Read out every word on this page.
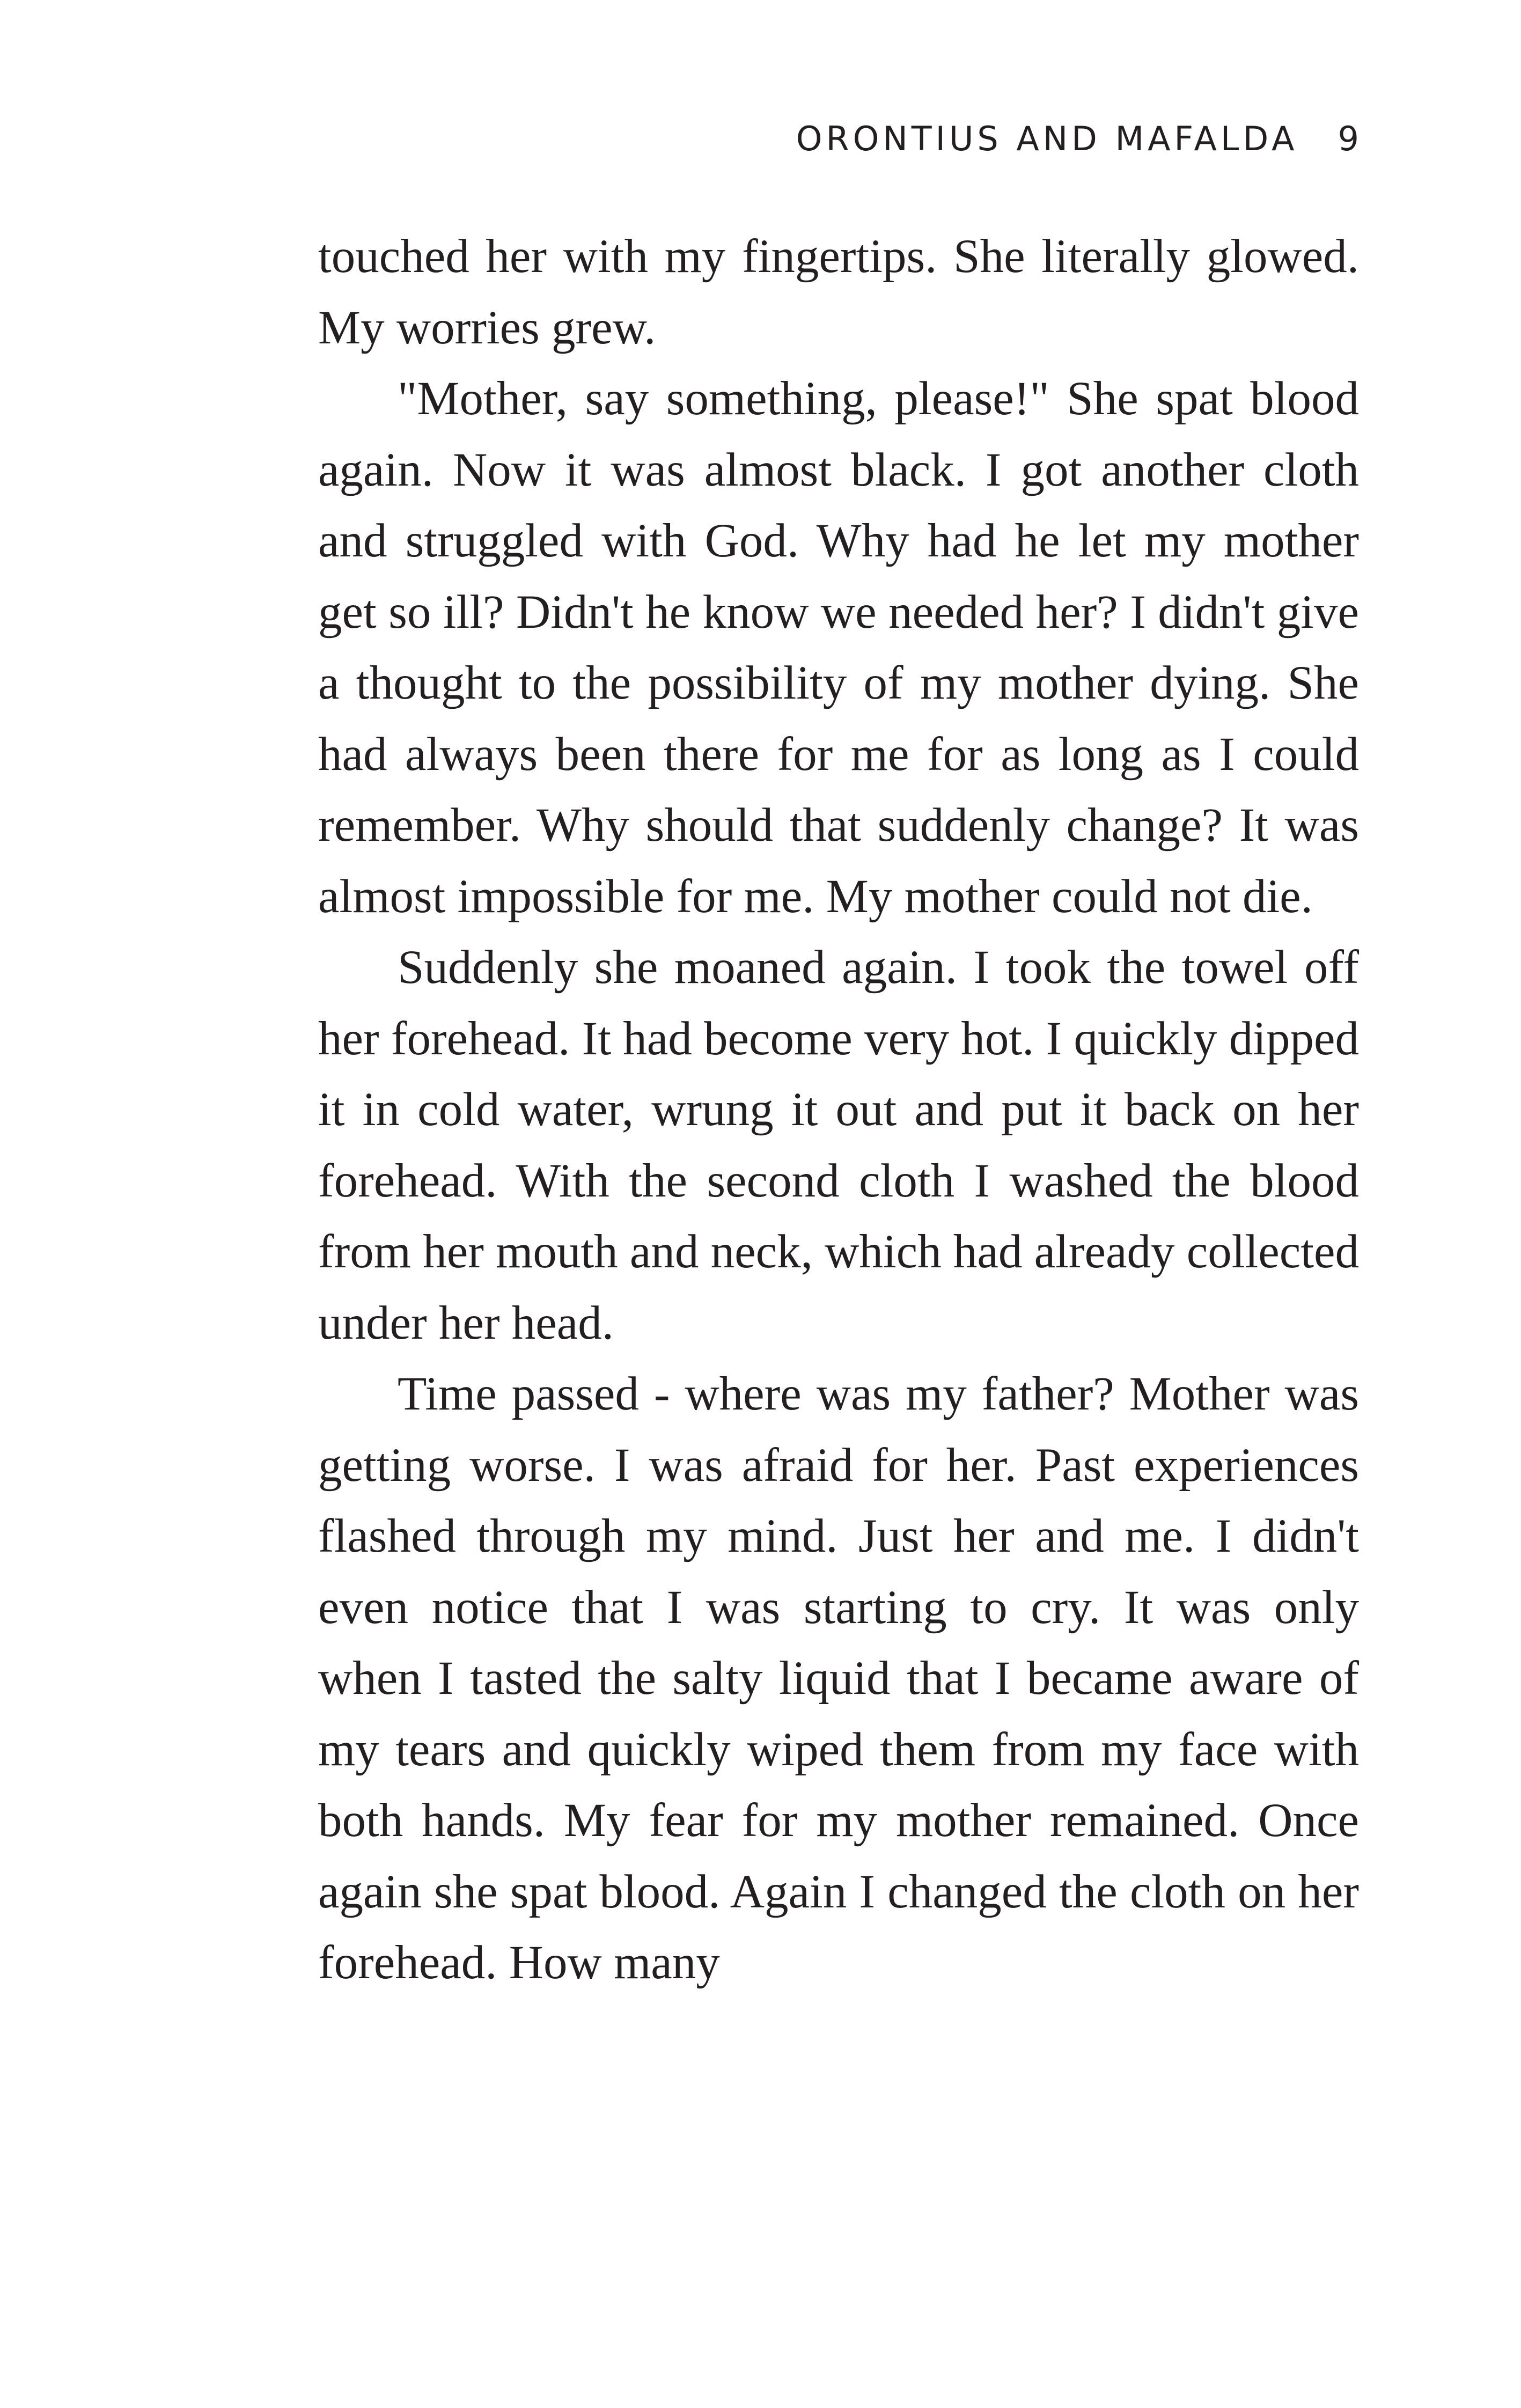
ORONTIUS AND MAFALDA 9

touched her with my fingertips. She literally glowed. My worries grew.

"Mother, say something, please!" She spat blood again. Now it was almost black. I got another cloth and struggled with God. Why had he let my mother get so ill? Didn't he know we needed her? I didn't give a thought to the possibility of my mother dying. She had always been there for me for as long as I could remember. Why should that suddenly change? It was almost impossible for me. My mother could not die.

Suddenly she moaned again. I took the towel off her forehead. It had become very hot. I quickly dipped it in cold water, wrung it out and put it back on her forehead. With the second cloth I washed the blood from her mouth and neck, which had already collected under her head.

Time passed - where was my father? Mother was getting worse. I was afraid for her. Past experiences flashed through my mind. Just her and me. I didn't even notice that I was starting to cry. It was only when I tasted the salty liquid that I became aware of my tears and quickly wiped them from my face with both hands. My fear for my mother remained. Once again she spat blood. Again I changed the cloth on her forehead. How many
